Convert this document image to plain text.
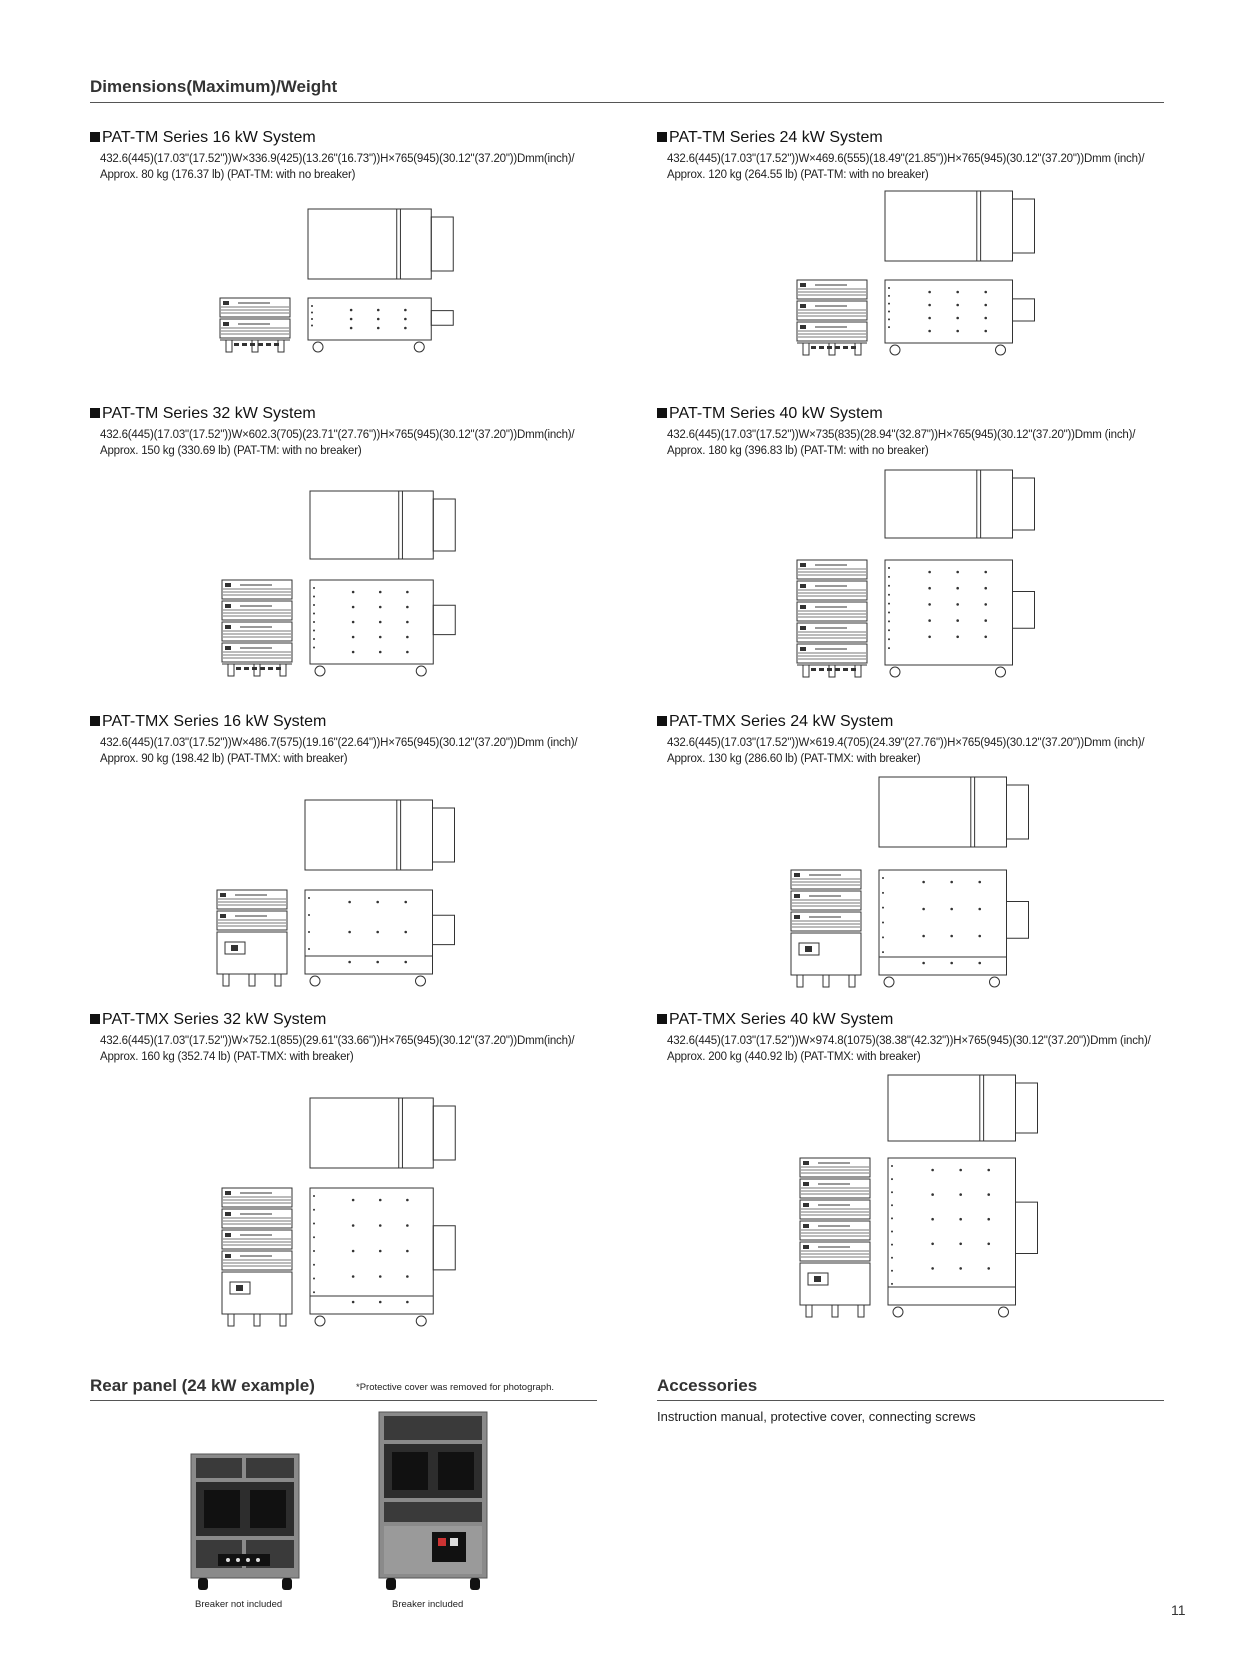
Dimensions(Maximum)/Weight
PAT-TM Series 16 kW System
432.6(445)(17.03"(17.52"))W×336.9(425)(13.26"(16.73"))H×765(945)(30.12"(37.20"))Dmm(inch)/
Approx. 80 kg (176.37 lb) (PAT-TM: with no breaker)
PAT-TM Series 24 kW System
432.6(445)(17.03"(17.52"))W×469.6(555)(18.49"(21.85"))H×765(945)(30.12"(37.20"))Dmm (inch)/
Approx. 120 kg (264.55 lb) (PAT-TM: with no breaker)
PAT-TM Series 32 kW System
432.6(445)(17.03"(17.52"))W×602.3(705)(23.71"(27.76"))H×765(945)(30.12"(37.20"))Dmm(inch)/
Approx. 150 kg (330.69 lb) (PAT-TM: with no breaker)
PAT-TM Series 40 kW System
432.6(445)(17.03"(17.52"))W×735(835)(28.94"(32.87"))H×765(945)(30.12"(37.20"))Dmm (inch)/
Approx. 180 kg (396.83 lb) (PAT-TM: with no breaker)
PAT-TMX Series 16 kW System
432.6(445)(17.03"(17.52"))W×486.7(575)(19.16"(22.64"))H×765(945)(30.12"(37.20"))Dmm (inch)/
Approx. 90 kg (198.42 lb) (PAT-TMX: with breaker)
PAT-TMX Series 24 kW System
432.6(445)(17.03"(17.52"))W×619.4(705)(24.39"(27.76"))H×765(945)(30.12"(37.20"))Dmm (inch)/
Approx. 130 kg (286.60 lb) (PAT-TMX: with breaker)
PAT-TMX Series 32 kW System
432.6(445)(17.03"(17.52"))W×752.1(855)(29.61"(33.66"))H×765(945)(30.12"(37.20"))Dmm(inch)/
Approx. 160 kg (352.74 lb) (PAT-TMX: with breaker)
PAT-TMX Series 40 kW System
432.6(445)(17.03"(17.52"))W×974.8(1075)(38.38"(42.32"))H×765(945)(30.12"(37.20"))Dmm (inch)/
Approx. 200 kg (440.92 lb) (PAT-TMX: with breaker)
Rear panel (24 kW example)	*Protective cover was removed for photograph.
Breaker not included	Breaker included
Accessories
Instruction manual, protective cover, connecting screws
11
